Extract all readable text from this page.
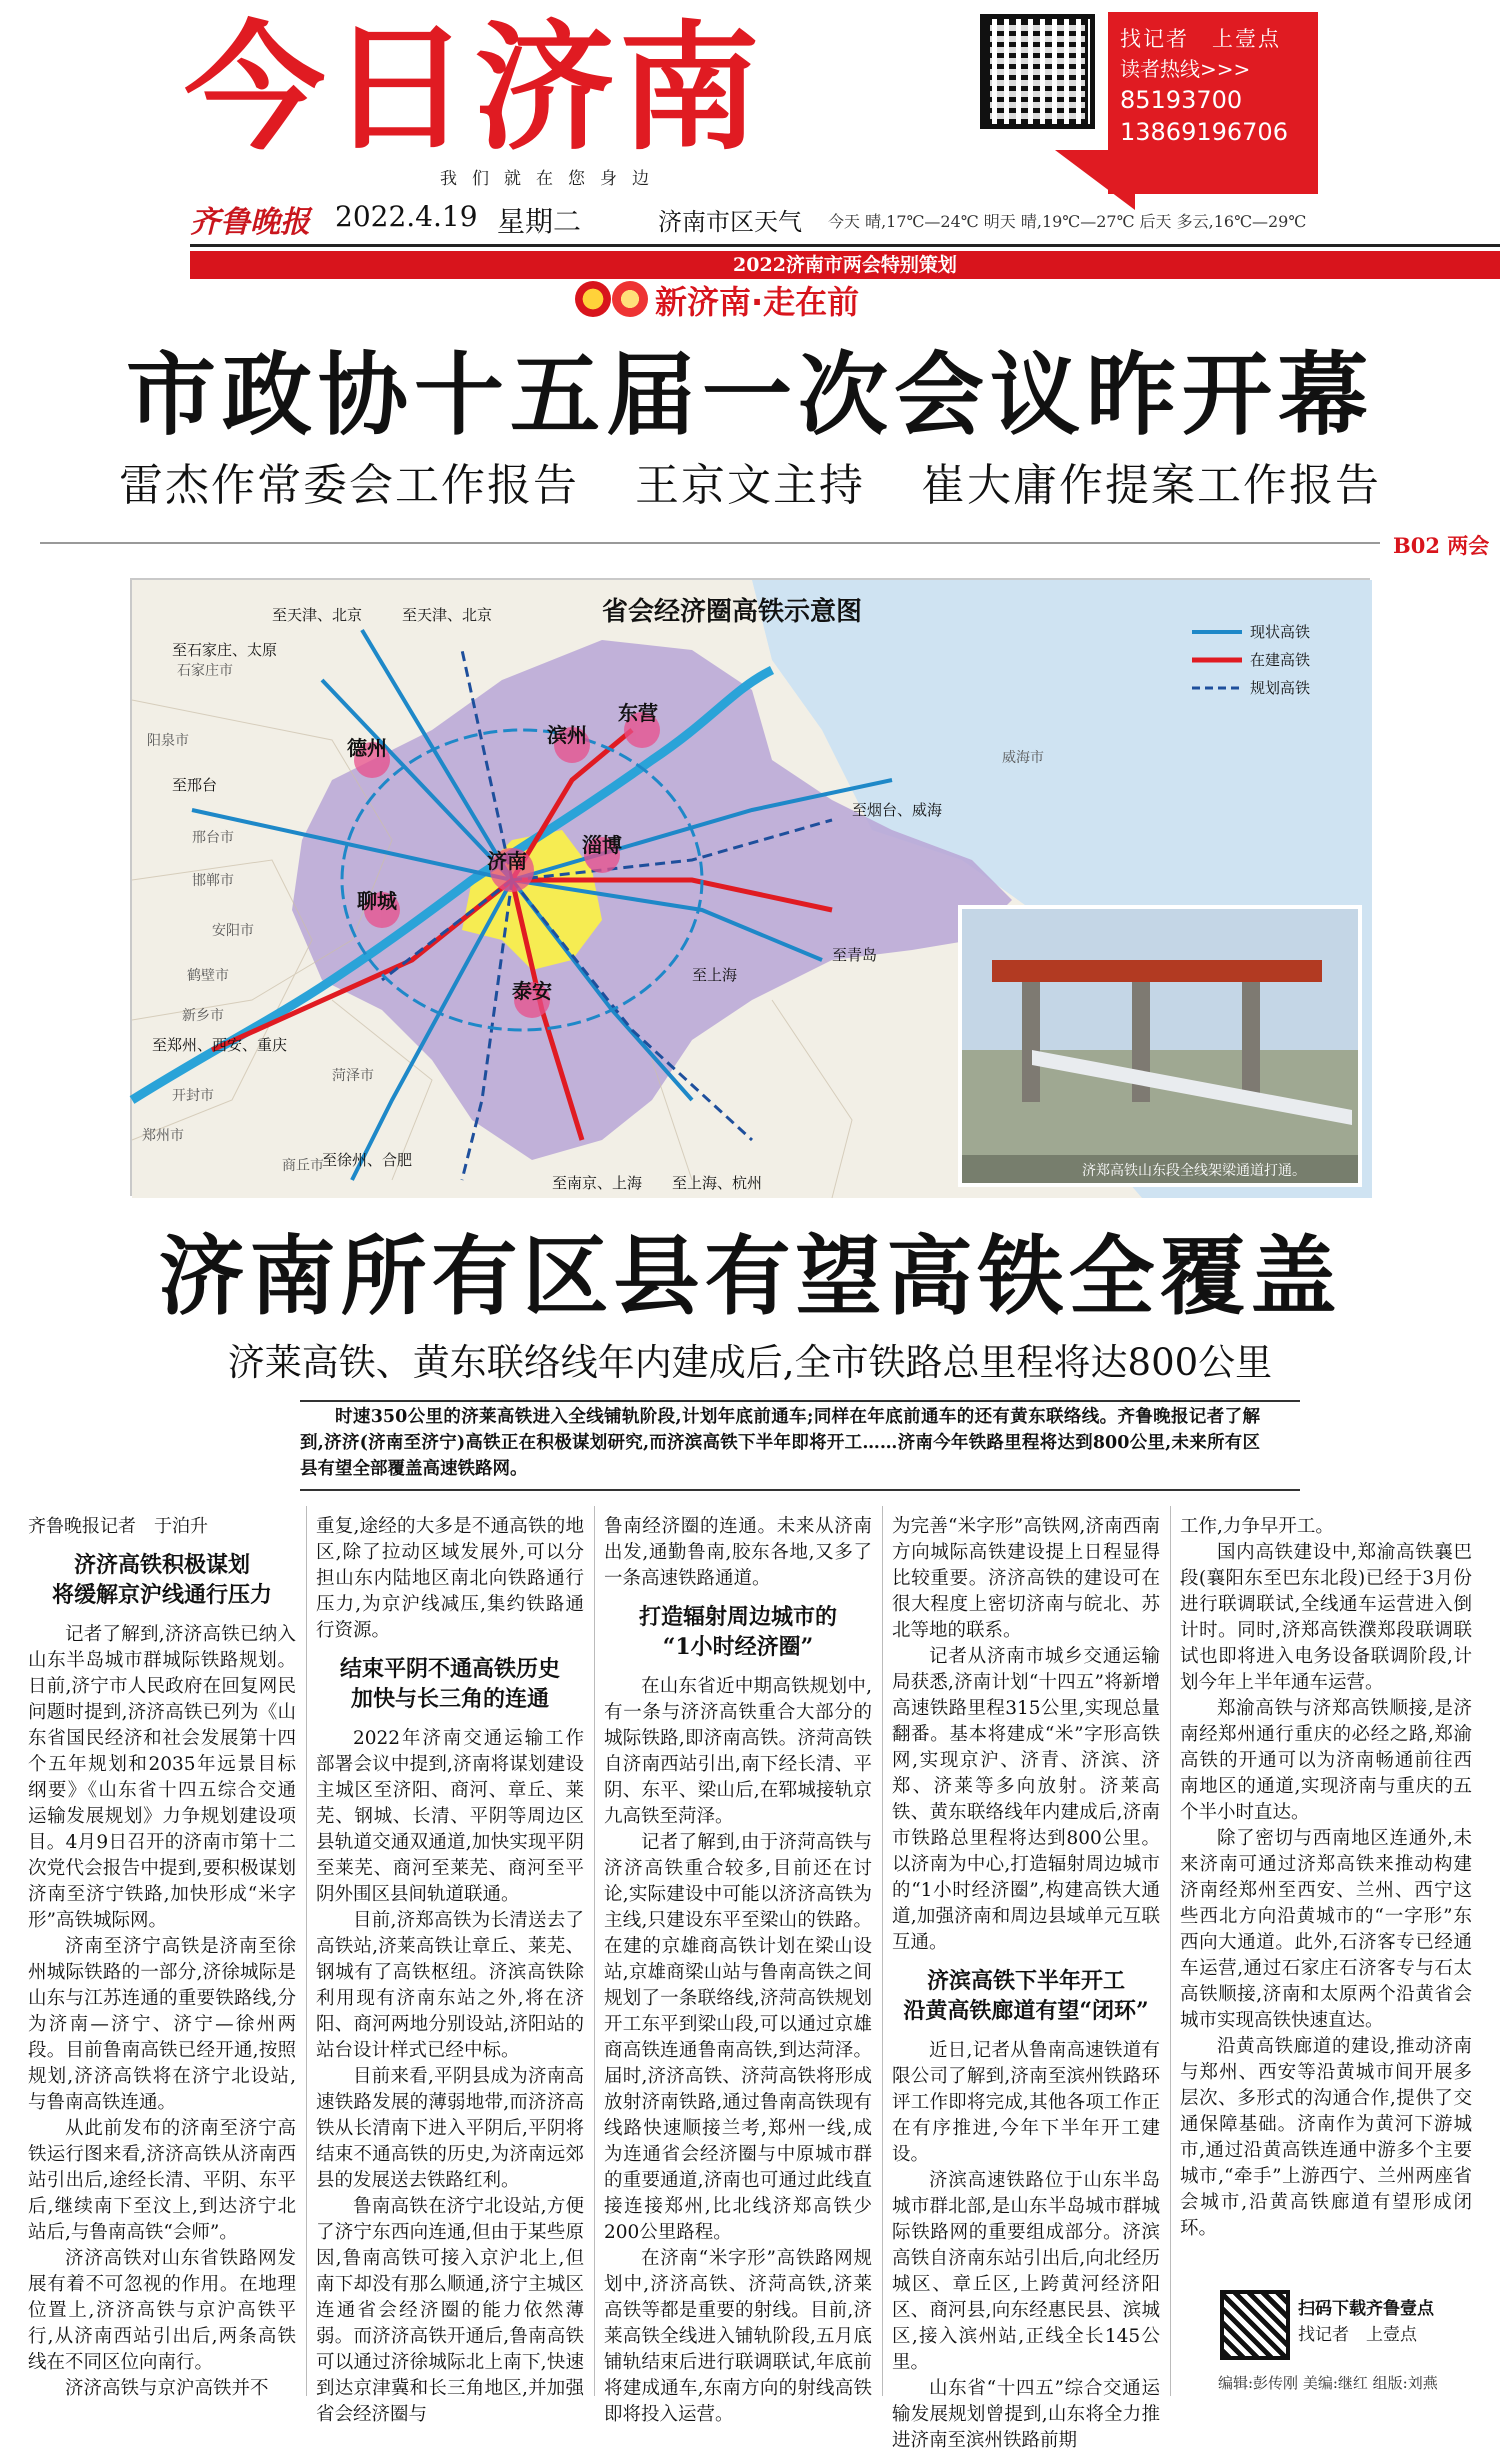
今日济南
我们就在您身边
找记者　上壹点
读者热线>>>
85193700
13869196706
齐鲁晚报 2022.4.19 星期二	济南市区天气 今天 晴,17℃—24℃ 明天 晴,19℃—27℃ 后天 多云,16℃—29℃
2022济南市两会特别策划
新济南·走在前
市政协十五届一次会议昨开幕
雷杰作常委会工作报告 王京文主持 崔大庸作提案工作报告
B02 两会
德州
滨州
东营
济南
淄博
聊城
泰安
石家庄市
阳泉市
邢台市
邯郸市
安阳市
鹤壁市
新乡市
郑州市
开封市
菏泽市
商丘市
威海市
至天津、北京	至天津、北京
至石家庄、太原
至邢台
至郑州、西安、重庆
至徐州、合肥
至南京、上海 至上海、杭州
至上海
至青岛
至烟台、威海
省会经济圈高铁示意图
现状高铁
在建高铁
规划高铁
济郑高铁山东段全线架梁通道打通。
济南所有区县有望高铁全覆盖
济莱高铁、黄东联络线年内建成后,全市铁路总里程将达800公里
时速350公里的济莱高铁进入全线铺轨阶段,计划年底前通车;同样在年底前通车的还有黄东联络线。齐鲁晚报记者了解到,济济(济南至济宁)高铁正在积极谋划研究,而济滨高铁下半年即将开工……济南今年铁路里程将达到800公里,未来所有区县有望全部覆盖高速铁路网。
齐鲁晚报记者　于泊升
济济高铁积极谋划
将缓解京沪线通行压力

记者了解到,济济高铁已纳入山东半岛城市群城际铁路规划。日前,济宁市人民政府在回复网民问题时提到,济济高铁已列为《山东省国民经济和社会发展第十四个五年规划和2035年远景目标纲要》《山东省十四五综合交通运输发展规划》力争规划建设项目。4月9日召开的济南市第十二次党代会报告中提到,要积极谋划济南至济宁铁路,加快形成“米字形”高铁城际网。

济南至济宁高铁是济南至徐州城际铁路的一部分,济徐城际是山东与江苏连通的重要铁路线,分为济南—济宁、济宁—徐州两段。目前鲁南高铁已经开通,按照规划,济济高铁将在济宁北设站,与鲁南高铁连通。

从此前发布的济南至济宁高铁运行图来看,济济高铁从济南西站引出后,途经长清、平阴、东平后,继续南下至汶上,到达济宁北站后,与鲁南高铁“会师”。

济济高铁对山东省铁路网发展有着不可忽视的作用。在地理位置上,济济高铁与京沪高铁平行,从济南西站引出后,两条高铁线在不同区位向南行。

济济高铁与京沪高铁并不

重复,途经的大多是不通高铁的地区,除了拉动区域发展外,可以分担山东内陆地区南北向铁路通行压力,为京沪线减压,集约铁路通行资源。

结束平阴不通高铁历史
加快与长三角的连通

2022年济南交通运输工作部署会议中提到,济南将谋划建设主城区至济阳、商河、章丘、莱芜、钢城、长清、平阴等周边区县轨道交通双通道,加快实现平阴至莱芜、商河至莱芜、商河至平阴外围区县间轨道联通。

目前,济郑高铁为长清送去了高铁站,济莱高铁让章丘、莱芜、钢城有了高铁枢纽。济滨高铁除利用现有济南东站之外,将在济阳、商河两地分别设站,济阳站的站台设计样式已经中标。

目前来看,平阴县成为济南高速铁路发展的薄弱地带,而济济高铁从长清南下进入平阴后,平阴将结束不通高铁的历史,为济南远郊县的发展送去铁路红利。

鲁南高铁在济宁北设站,方便了济宁东西向连通,但由于某些原因,鲁南高铁可接入京沪北上,但南下却没有那么顺通,济宁主城区连通省会经济圈的能力依然薄弱。而济济高铁开通后,鲁南高铁可以通过济徐城际北上南下,快速到达京津冀和长三角地区,并加强省会经济圈与

鲁南经济圈的连通。未来从济南出发,通勤鲁南,胶东各地,又多了一条高速铁路通道。

打造辐射周边城市的
“1小时经济圈”

在山东省近中期高铁规划中,有一条与济济高铁重合大部分的城际铁路,即济南高铁。济菏高铁自济南西站引出,南下经长清、平阴、东平、梁山后,在郓城接轨京九高铁至菏泽。

记者了解到,由于济菏高铁与济济高铁重合较多,目前还在讨论,实际建设中可能以济济高铁为主线,只建设东平至梁山的铁路。在建的京雄商高铁计划在梁山设站,京雄商梁山站与鲁南高铁之间规划了一条联络线,济菏高铁规划开工东平到梁山段,可以通过京雄商高铁连通鲁南高铁,到达菏泽。届时,济济高铁、济菏高铁将形成放射济南铁路,通过鲁南高铁现有线路快速顺接兰考,郑州一线,成为连通省会经济圈与中原城市群的重要通道,济南也可通过此线直接连接郑州,比北线济郑高铁少200公里路程。

在济南“米字形”高铁路网规划中,济济高铁、济菏高铁,济莱高铁等都是重要的射线。目前,济莱高铁全线进入铺轨阶段,五月底铺轨结束后进行联调联试,年底前将建成通车,东南方向的射线高铁即将投入运营。

为完善“米字形”高铁网,济南西南方向城际高铁建设提上日程显得比较重要。济济高铁的建设可在很大程度上密切济南与皖北、苏北等地的联系。

记者从济南市城乡交通运输局获悉,济南计划“十四五”将新增高速铁路里程315公里,实现总量翻番。基本将建成“米”字形高铁网,实现京沪、济青、济滨、济郑、济莱等多向放射。济莱高铁、黄东联络线年内建成后,济南市铁路总里程将达到800公里。以济南为中心,打造辐射周边城市的“1小时经济圈”,构建高铁大通道,加强济南和周边县域单元互联互通。

济滨高铁下半年开工
沿黄高铁廊道有望“闭环”

近日,记者从鲁南高速铁道有限公司了解到,济南至滨州铁路环评工作即将完成,其他各项工作正在有序推进,今年下半年开工建设。

济滨高速铁路位于山东半岛城市群北部,是山东半岛城市群城际铁路网的重要组成部分。济滨高铁自济南东站引出后,向北经历城区、章丘区,上跨黄河经济阳区、商河县,向东经惠民县、滨城区,接入滨州站,正线全长145公里。

山东省“十四五”综合交通运输发展规划曾提到,山东将全力推进济南至滨州铁路前期

工作,力争早开工。

国内高铁建设中,郑渝高铁襄巴段(襄阳东至巴东北段)已经于3月份进行联调联试,全线通车运营进入倒计时。同时,济郑高铁濮郑段联调联试也即将进入电务设备联调阶段,计划今年上半年通车运营。

郑渝高铁与济郑高铁顺接,是济南经郑州通行重庆的必经之路,郑渝高铁的开通可以为济南畅通前往西南地区的通道,实现济南与重庆的五个半小时直达。

除了密切与西南地区连通外,未来济南可通过济郑高铁来推动构建济南经郑州至西安、兰州、西宁这些西北方向沿黄城市的“一字形”东西向大通道。此外,石济客专已经通车运营,通过石家庄石济客专与石太高铁顺接,济南和太原两个沿黄省会城市实现高铁快速直达。

沿黄高铁廊道的建设,推动济南与郑州、西安等沿黄城市间开展多层次、多形式的沟通合作,提供了交通保障基础。济南作为黄河下游城市,通过沿黄高铁连通中游多个主要城市,“牵手”上游西宁、兰州两座省会城市,沿黄高铁廊道有望形成闭环。

扫码下载齐鲁壹点
找记者　上壹点
编辑:彭传刚 美编:继红 组版:刘燕
